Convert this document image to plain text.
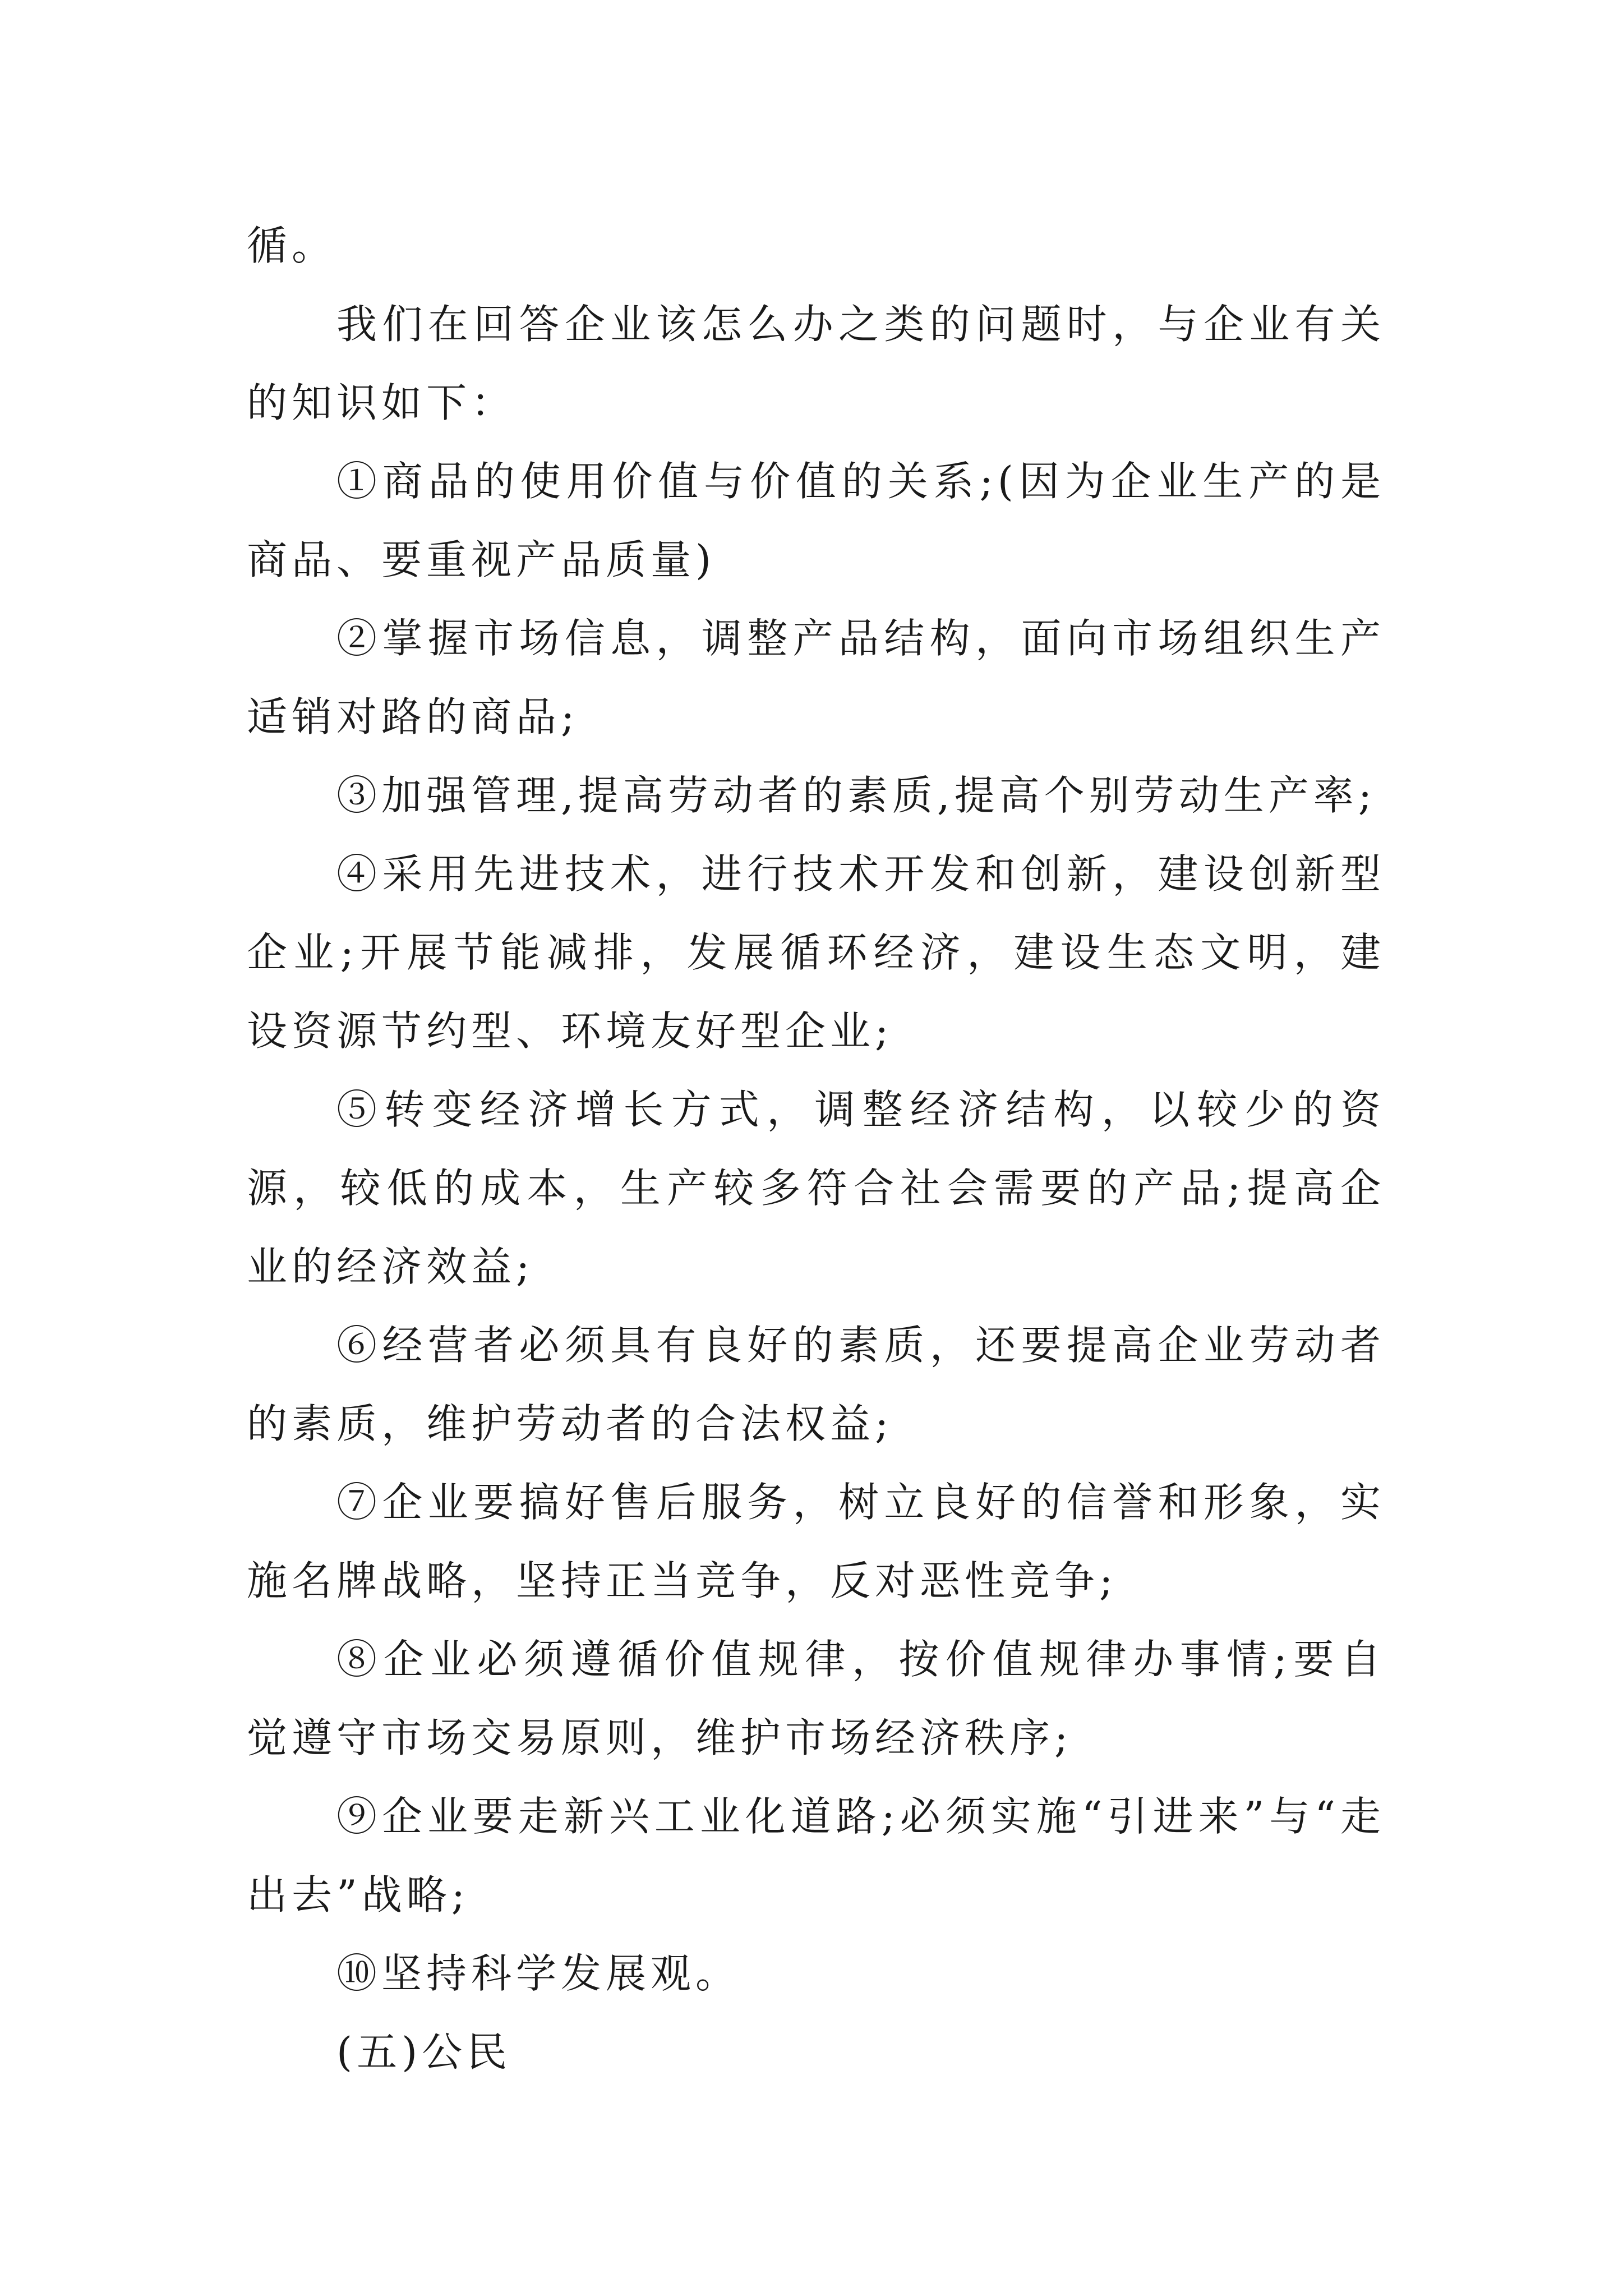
循。

我们在回答企业该怎么办之类的问题时，与企业有关的知识如下：

①商品的使用价值与价值的关系;(因为企业生产的是商品、要重视产品质量)

②掌握市场信息，调整产品结构，面向市场组织生产适销对路的商品;

③加强管理,提高劳动者的素质,提高个别劳动生产率;

④采用先进技术，进行技术开发和创新，建设创新型企业;开展节能减排，发展循环经济，建设生态文明，建设资源节约型、环境友好型企业;

⑤转变经济增长方式，调整经济结构，以较少的资源，较低的成本，生产较多符合社会需要的产品;提高企业的经济效益;

⑥经营者必须具有良好的素质，还要提高企业劳动者的素质，维护劳动者的合法权益;

⑦企业要搞好售后服务，树立良好的信誉和形象，实施名牌战略，坚持正当竞争，反对恶性竞争;

⑧企业必须遵循价值规律，按价值规律办事情;要自觉遵守市场交易原则，维护市场经济秩序;

⑨企业要走新兴工业化道路;必须实施“引进来”与“走出去”战略;

⑩坚持科学发展观。

(五)公民
